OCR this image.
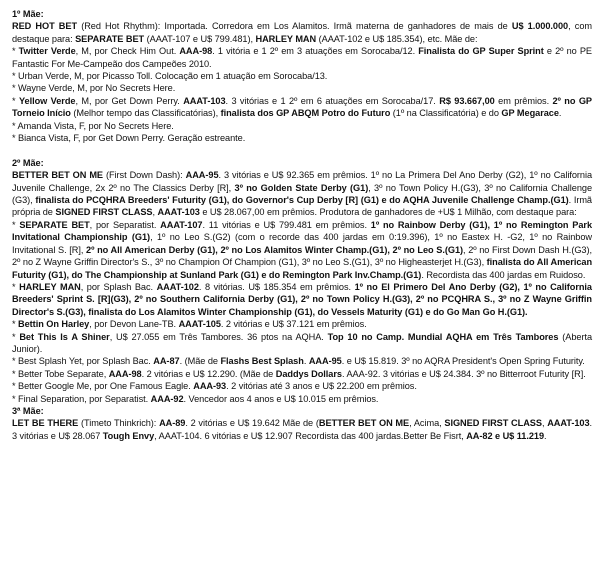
1º Mãe:

RED HOT BET (Red Hot Rhythm): Importada. Corredora em Los Alamitos. Irmã materna de ganhadores de mais de U$ 1.000.000, com destaque para: SEPARATE BET (AAAT-107 e U$ 799.481), HARLEY MAN (AAAT-102 e U$ 185.354), etc. Mãe de:

* Twitter Verde, M, por Check Him Out. AAA-98. 1 vitória e 1 2º em 3 atuações em Sorocaba/12. Finalista do GP Super Sprint e 2º no PE Fantastic For Me-Campeão dos Campeões 2010.

* Urban Verde, M, por Picasso Toll. Colocação em 1 atuação em Sorocaba/13.

* Wayne Verde, M, por No Secrets Here.

* Yellow Verde, M, por Get Down Perry. AAAT-103. 3 vitórias e 1 2º em 6 atuações em Sorocaba/17. R$ 93.667,00 em prêmios. 2º no GP Torneio Início (Melhor tempo das Classificatórias), finalista dos GP ABQM Potro do Futuro (1º na Classificatória) e do GP Megarace.

* Amanda Vista, F, por No Secrets Here.

* Bianca Vista, F, por Get Down Perry. Geração estreante.

2º Mãe:

BETTER BET ON ME (First Down Dash): AAA-95. 3 vitórias e U$ 92.365 em prêmios. 1º no La Primera Del Ano Derby (G2), 1º no California Juvenile Challenge, 2x 2º no The Classics Derby [R], 3º no Golden State Derby (G1), 3º no Town Policy H.(G3), 3º no California Challenge (G3), finalista do PCQHRA Breeders' Futurity (G1), do Governor's Cup Derby [R] (G1) e do AQHA Juvenile Challenge Champ.(G1). Irmã própria de SIGNED FIRST CLASS, AAAT-103 e U$ 28.067,00 em prêmios. Produtora de ganhadores de +U$ 1 Milhão, com destaque para:

* SEPARATE BET, por Separatist. AAAT-107. 11 vitórias e U$ 799.481 em prêmios. 1º no Rainbow Derby (G1), 1º no Remington Park Invitational Championship (G1), 1º no Leo S.(G2) (com o recorde das 400 jardas em 0:19.396), 1º no Eastex H. -G2, 1º no Rainbow Invitational S. [R], 2º no All American Derby (G1), 2º no Los Alamitos Winter Champ.(G1), 2º no Leo S.(G1), 2º no First Down Dash H.(G3), 2º no Z Wayne Griffin Director's S., 3º no Champion Of Champion (G1), 3º no Leo S.(G1), 3º no Higheasterjet H.(G3), finalista do All American Futurity (G1), do The Championship at Sunland Park (G1) e do Remington Park Inv.Champ.(G1). Recordista das 400 jardas em Ruidoso.

* HARLEY MAN, por Splash Bac. AAAT-102. 8 vitórias. U$ 185.354 em prêmios. 1º no El Primero Del Ano Derby (G2), 1º no California Breeders' Sprint S. [R](G3), 2º no Southern California Derby (G1), 2º no Town Policy H.(G3), 2º no PCQHRA S., 3º no Z Wayne Griffin Director's S.(G3), finalista do Los Alamitos Winter Championship (G1), do Vessels Maturity (G1) e do Go Man Go H.(G1).

* Bettin On Harley, por Devon Lane-TB. AAAT-105. 2 vitórias e U$ 37.121 em prêmios.

* Bet This Is A Shiner, U$ 27.055 em Três Tambores. 36 ptos na AQHA. Top 10 no Camp. Mundial AQHA em Três Tambores (Aberta Junior).

* Best Splash Yet, por Splash Bac. AA-87. (Mãe de Flashs Best Splash. AAA-95. e U$ 15.819. 3º no AQRA President's Open Spring Futurity.

* Better Tobe Separate, AAA-98. 2 vitórias e U$ 12.290. (Mãe de Daddys Dollars. AAA-92. 3 vitórias e U$ 24.384. 3º no Bitterroot Futurity [R].

* Better Google Me, por One Famous Eagle. AAA-93. 2 vitórias até 3 anos e U$ 22.200 em prêmios.

* Final Separation, por Separatist. AAA-92. Vencedor aos 4 anos e U$ 10.015 em prêmios.

3ª Mãe:

LET BE THERE (Timeto Thinkrich): AA-89. 2 vitórias e U$ 19.642 Mãe de (BETTER BET ON ME, Acima, SIGNED FIRST CLASS, AAAT-103. 3 vitórias e U$ 28.067 Tough Envy, AAAT-104. 6 vitórias e U$ 12.907 Recordista das 400 jardas.Better Be Fisrt, AA-82 e U$ 11.219.
